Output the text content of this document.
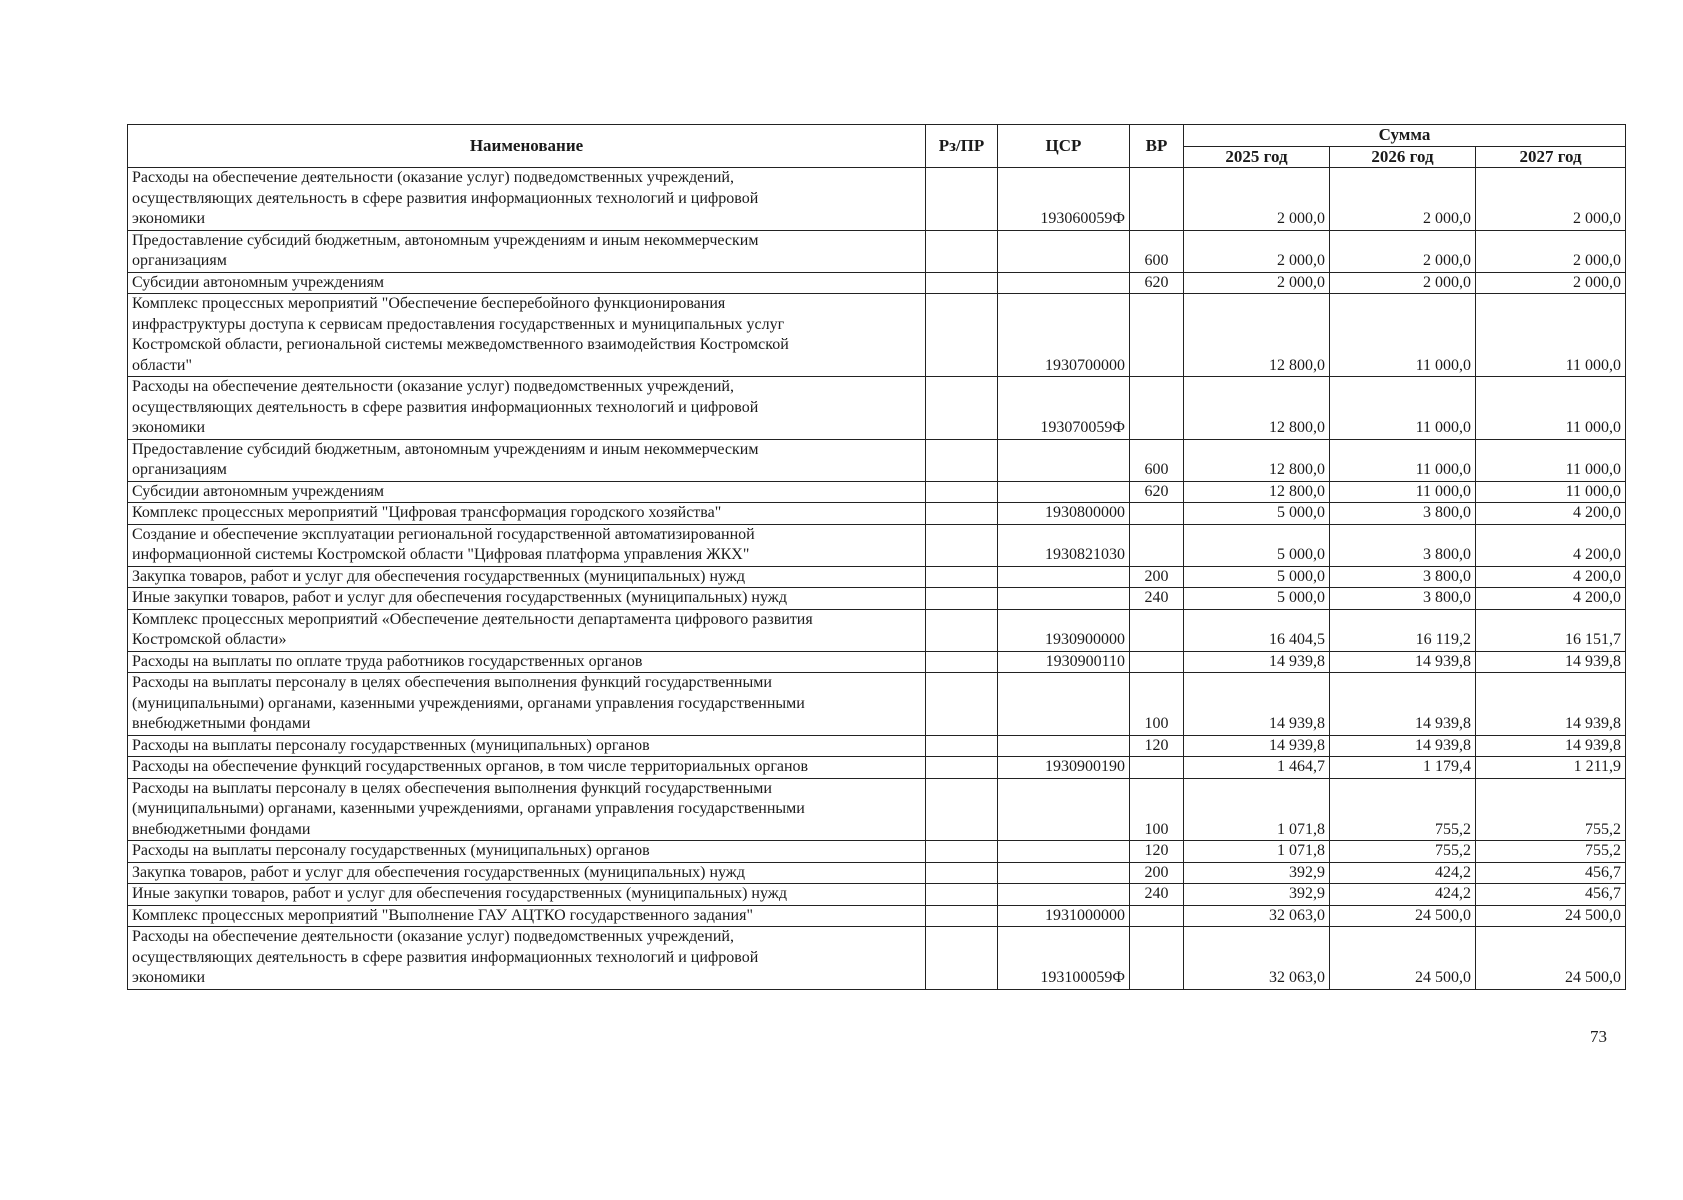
Наименование	Рз/ПР	ЦСР	ВР	Сумма		
				2025 год	2026 год	2027 год
Расходы на обеспечение деятельности (оказание услуг) подведомственных учреждений,
осуществляющих деятельность в сфере развития информационных технологий и цифровой
экономики		193060059Ф		2 000,0	2 000,0	2 000,0
Предоставление субсидий бюджетным, автономным учреждениям и иным некоммерческим
организациям			600	2 000,0	2 000,0	2 000,0
Субсидии автономным учреждениям			620	2 000,0	2 000,0	2 000,0
Комплекс процессных мероприятий "Обеспечение бесперебойного функционирования
инфраструктуры доступа к сервисам предоставления государственных и муниципальных услуг
Костромской области, региональной системы межведомственного взаимодействия Костромской
области"		1930700000		12 800,0	11 000,0	11 000,0
Расходы на обеспечение деятельности (оказание услуг) подведомственных учреждений,
осуществляющих деятельность в сфере развития информационных технологий и цифровой
экономики		193070059Ф		12 800,0	11 000,0	11 000,0
Предоставление субсидий бюджетным, автономным учреждениям и иным некоммерческим
организациям			600	12 800,0	11 000,0	11 000,0
Субсидии автономным учреждениям			620	12 800,0	11 000,0	11 000,0
Комплекс процессных мероприятий "Цифровая трансформация городского хозяйства"		1930800000		5 000,0	3 800,0	4 200,0
Создание и обеспечение эксплуатации региональной государственной автоматизированной
информационной системы Костромской области "Цифровая платформа управления ЖКХ"		1930821030		5 000,0	3 800,0	4 200,0
Закупка товаров, работ и услуг для обеспечения государственных (муниципальных) нужд			200	5 000,0	3 800,0	4 200,0
Иные закупки товаров, работ и услуг для обеспечения государственных (муниципальных) нужд			240	5 000,0	3 800,0	4 200,0
Комплекс процессных мероприятий «Обеспечение деятельности департамента цифрового развития
Костромской области»		1930900000		16 404,5	16 119,2	16 151,7
Расходы на выплаты по оплате труда работников государственных органов		1930900110		14 939,8	14 939,8	14 939,8
Расходы на выплаты персоналу в целях обеспечения выполнения функций государственными
(муниципальными) органами, казенными учреждениями, органами управления государственными
внебюджетными фондами			100	14 939,8	14 939,8	14 939,8
Расходы на выплаты персоналу государственных (муниципальных) органов			120	14 939,8	14 939,8	14 939,8
Расходы на обеспечение функций государственных органов, в том числе территориальных органов		1930900190		1 464,7	1 179,4	1 211,9
Расходы на выплаты персоналу в целях обеспечения выполнения функций государственными
(муниципальными) органами, казенными учреждениями, органами управления государственными
внебюджетными фондами			100	1 071,8	755,2	755,2
Расходы на выплаты персоналу государственных (муниципальных) органов			120	1 071,8	755,2	755,2
Закупка товаров, работ и услуг для обеспечения государственных (муниципальных) нужд			200	392,9	424,2	456,7
Иные закупки товаров, работ и услуг для обеспечения государственных (муниципальных) нужд			240	392,9	424,2	456,7
Комплекс процессных мероприятий "Выполнение ГАУ АЦТКО государственного задания"		1931000000		32 063,0	24 500,0	24 500,0
Расходы на обеспечение деятельности (оказание услуг) подведомственных учреждений,
осуществляющих деятельность в сфере развития информационных технологий и цифровой
экономики		193100059Ф		32 063,0	24 500,0	24 500,0
73
